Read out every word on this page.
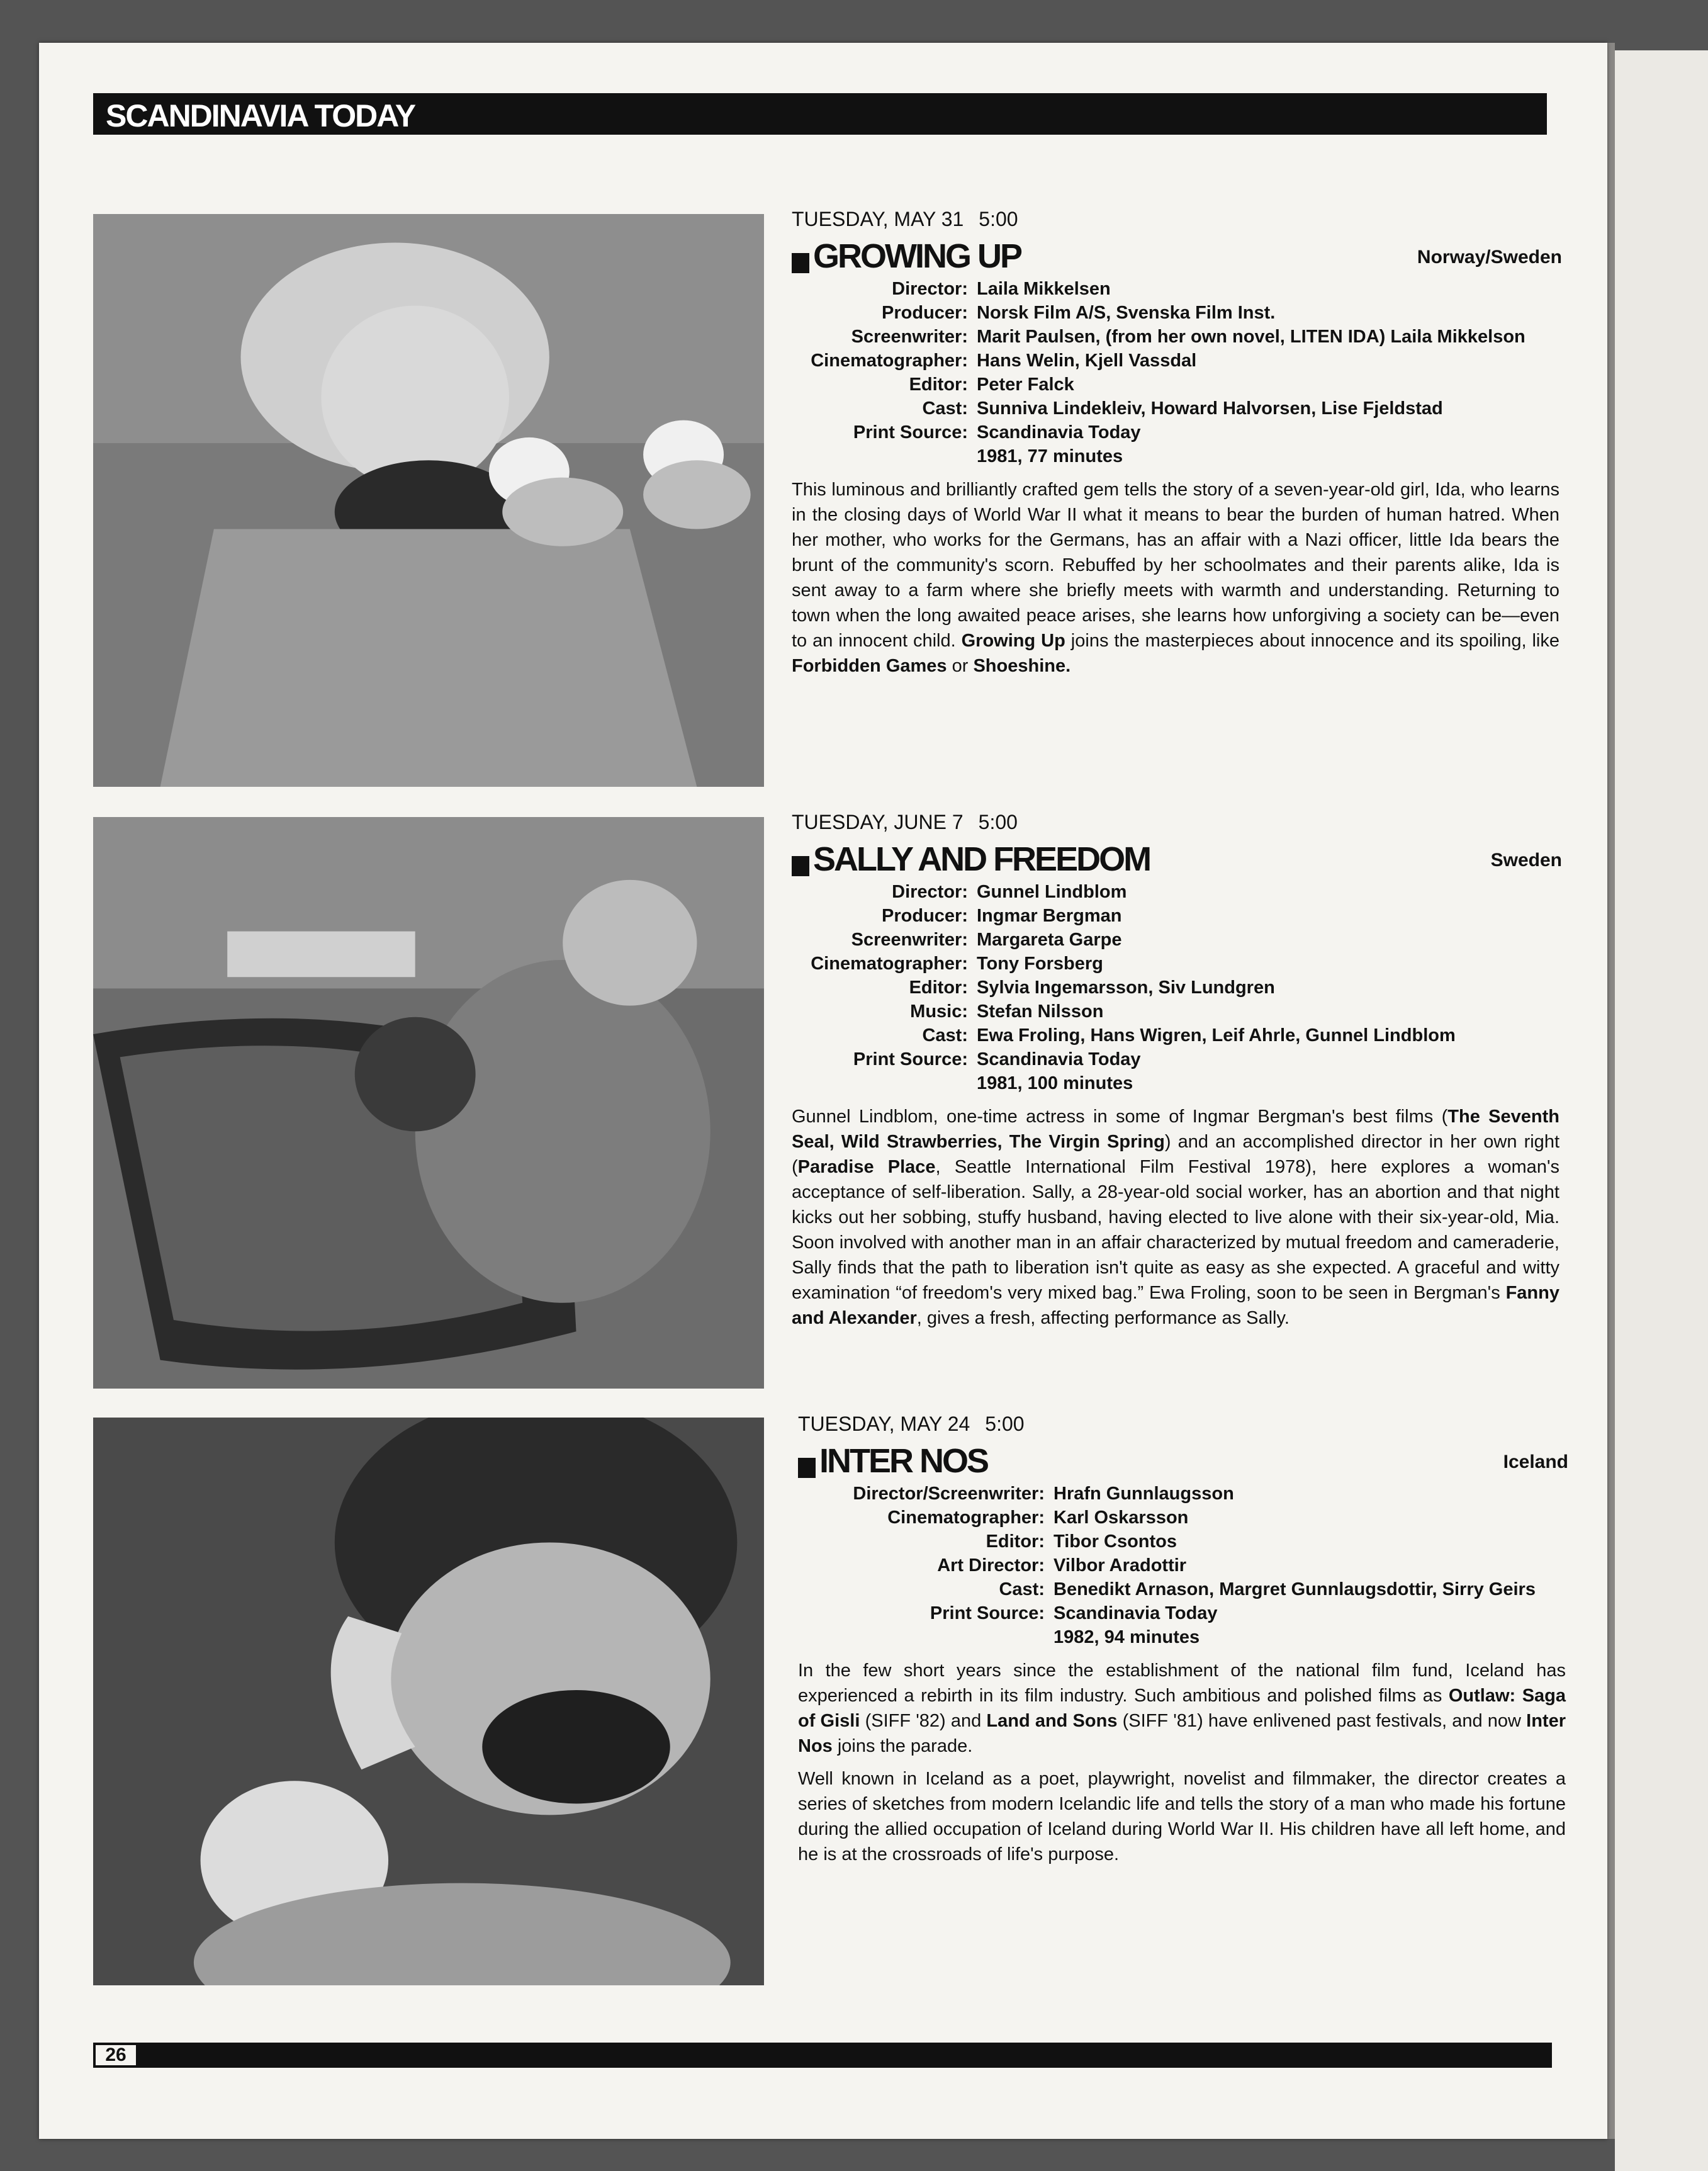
SCANDINAVIA TODAY
TUESDAY, MAY 31 5:00
GROWING UP	Norway/Sweden
Director: Laila Mikkelsen
Producer: Norsk Film A/S, Svenska Film Inst.
Screenwriter: Marit Paulsen, (from her own novel, LITEN IDA) Laila Mikkelson
Cinematographer: Hans Welin, Kjell Vassdal
Editor: Peter Falck
Cast: Sunniva Lindekleiv, Howard Halvorsen, Lise Fjeldstad
Print Source: Scandinavia Today
1981, 77 minutes

This luminous and brilliantly crafted gem tells the story of a seven-year-old girl, Ida, who learns in the closing days of World War II what it means to bear the burden of human hatred. When her mother, who works for the Germans, has an affair with a Nazi officer, little Ida bears the brunt of the community's scorn. Rebuffed by her schoolmates and their parents alike, Ida is sent away to a farm where she briefly meets with warmth and understanding. Returning to town when the long awaited peace arises, she learns how unforgiving a society can be—even to an innocent child. Growing Up joins the masterpieces about innocence and its spoiling, like Forbidden Games or Shoeshine.

TUESDAY, JUNE 7 5:00
SALLY AND FREEDOM	Sweden
Director: Gunnel Lindblom
Producer: Ingmar Bergman
Screenwriter: Margareta Garpe
Cinematographer: Tony Forsberg
Editor: Sylvia Ingemarsson, Siv Lundgren
Music: Stefan Nilsson
Cast: Ewa Froling, Hans Wigren, Leif Ahrle, Gunnel Lindblom
Print Source: Scandinavia Today
1981, 100 minutes

Gunnel Lindblom, one-time actress in some of Ingmar Bergman's best films (The Seventh Seal, Wild Strawberries, The Virgin Spring) and an accomplished director in her own right (Paradise Place, Seattle International Film Festival 1978), here explores a woman's acceptance of self-liberation. Sally, a 28-year-old social worker, has an abortion and that night kicks out her sobbing, stuffy husband, having elected to live alone with their six-year-old, Mia. Soon involved with another man in an affair characterized by mutual freedom and cameraderie, Sally finds that the path to liberation isn't quite as easy as she expected. A graceful and witty examination “of freedom's very mixed bag.” Ewa Froling, soon to be seen in Bergman's Fanny and Alexander, gives a fresh, affecting performance as Sally.

TUESDAY, MAY 24 5:00
INTER NOS	Iceland
Director/Screenwriter: Hrafn Gunnlaugsson
Cinematographer: Karl Oskarsson
Editor: Tibor Csontos
Art Director: Vilbor Aradottir
Cast: Benedikt Arnason, Margret Gunnlaugsdottir, Sirry Geirs
Print Source: Scandinavia Today
1982, 94 minutes

In the few short years since the establishment of the national film fund, Iceland has experienced a rebirth in its film industry. Such ambitious and polished films as Outlaw: Saga of Gisli (SIFF '82) and Land and Sons (SIFF '81) have enlivened past festivals, and now Inter Nos joins the parade.

Well known in Iceland as a poet, playwright, novelist and filmmaker, the director creates a series of sketches from modern Icelandic life and tells the story of a man who made his fortune during the allied occupation of Iceland during World War II. His children have all left home, and he is at the crossroads of life's purpose.

26
